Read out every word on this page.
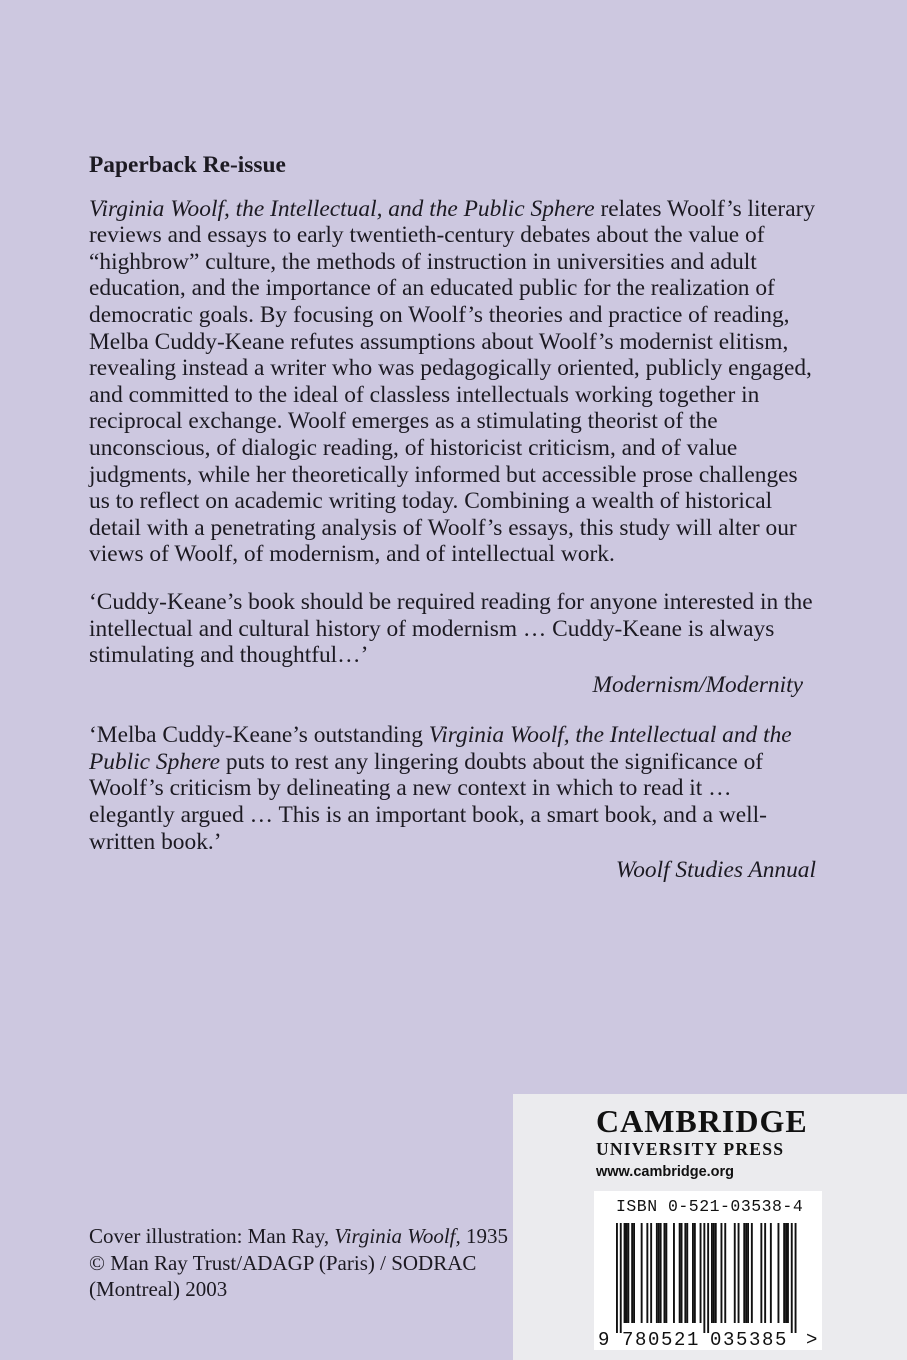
Paperback Re-issue

Virginia Woolf, the Intellectual, and the Public Sphere relates Woolf’s literary reviews and essays to early twentieth-century debates about the value of “highbrow” culture, the methods of instruction in universities and adult education, and the importance of an educated public for the realization of democratic goals. By focusing on Woolf’s theories and practice of reading, Melba Cuddy-Keane refutes assumptions about Woolf’s modernist elitism, revealing instead a writer who was pedagogically oriented, publicly engaged, and committed to the ideal of classless intellectuals working together in reciprocal exchange. Woolf emerges as a stimulating theorist of the unconscious, of dialogic reading, of historicist criticism, and of value judgments, while her theoretically informed but accessible prose challenges us to reflect on academic writing today. Combining a wealth of historical detail with a penetrating analysis of Woolf’s essays, this study will alter our views of Woolf, of modernism, and of intellectual work.

‘Cuddy-Keane’s book should be required reading for anyone interested in the intellectual and cultural history of modernism … Cuddy-Keane is always stimulating and thoughtful…’

Modernism/Modernity

‘Melba Cuddy-Keane’s outstanding Virginia Woolf, the Intellectual and the Public Sphere puts to rest any lingering doubts about the significance of Woolf’s criticism by delineating a new context in which to read it … elegantly argued … This is an important book, a smart book, and a well-written book.’

Woolf Studies Annual

Cover illustration: Man Ray, Virginia Woolf, 1935 © Man Ray Trust/ADAGP (Paris) / SODRAC (Montreal) 2003
CAMBRIDGE
UNIVERSITY PRESS
www.cambridge.org
9 780521 035385 >
ISBN 0-521-03538-4
